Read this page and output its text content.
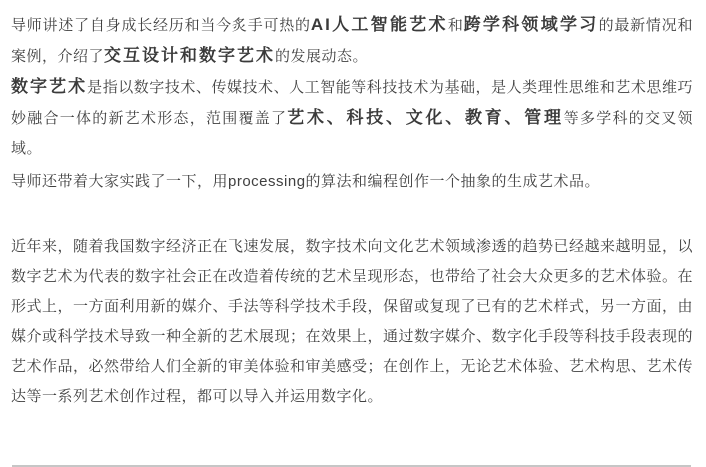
导师讲述了自身成长经历和当今炙手可热的AI人工智能艺术和跨学科领域学习的最新情况和案例，介绍了交互设计和数字艺术的发展动态。

数字艺术是指以数字技术、传媒技术、人工智能等科技技术为基础，是人类理性思维和艺术思维巧妙融合一体的新艺术形态，范围覆盖了艺术、科技、文化、教育、管理等多学科的交叉领域。

导师还带着大家实践了一下，用processing的算法和编程创作一个抽象的生成艺术品。

近年来，随着我国数字经济正在飞速发展，数字技术向文化艺术领域渗透的趋势已经越来越明显，以数字艺术为代表的数字社会正在改造着传统的艺术呈现形态，也带给了社会大众更多的艺术体验。在形式上，一方面利用新的媒介、手法等科学技术手段，保留或复现了已有的艺术样式，另一方面，由媒介或科学技术导致一种全新的艺术展现；在效果上，通过数字媒介、数字化手段等科技手段表现的艺术作品，必然带给人们全新的审美体验和审美感受；在创作上，无论艺术体验、艺术构思、艺术传达等一系列艺术创作过程，都可以导入并运用数字化。
